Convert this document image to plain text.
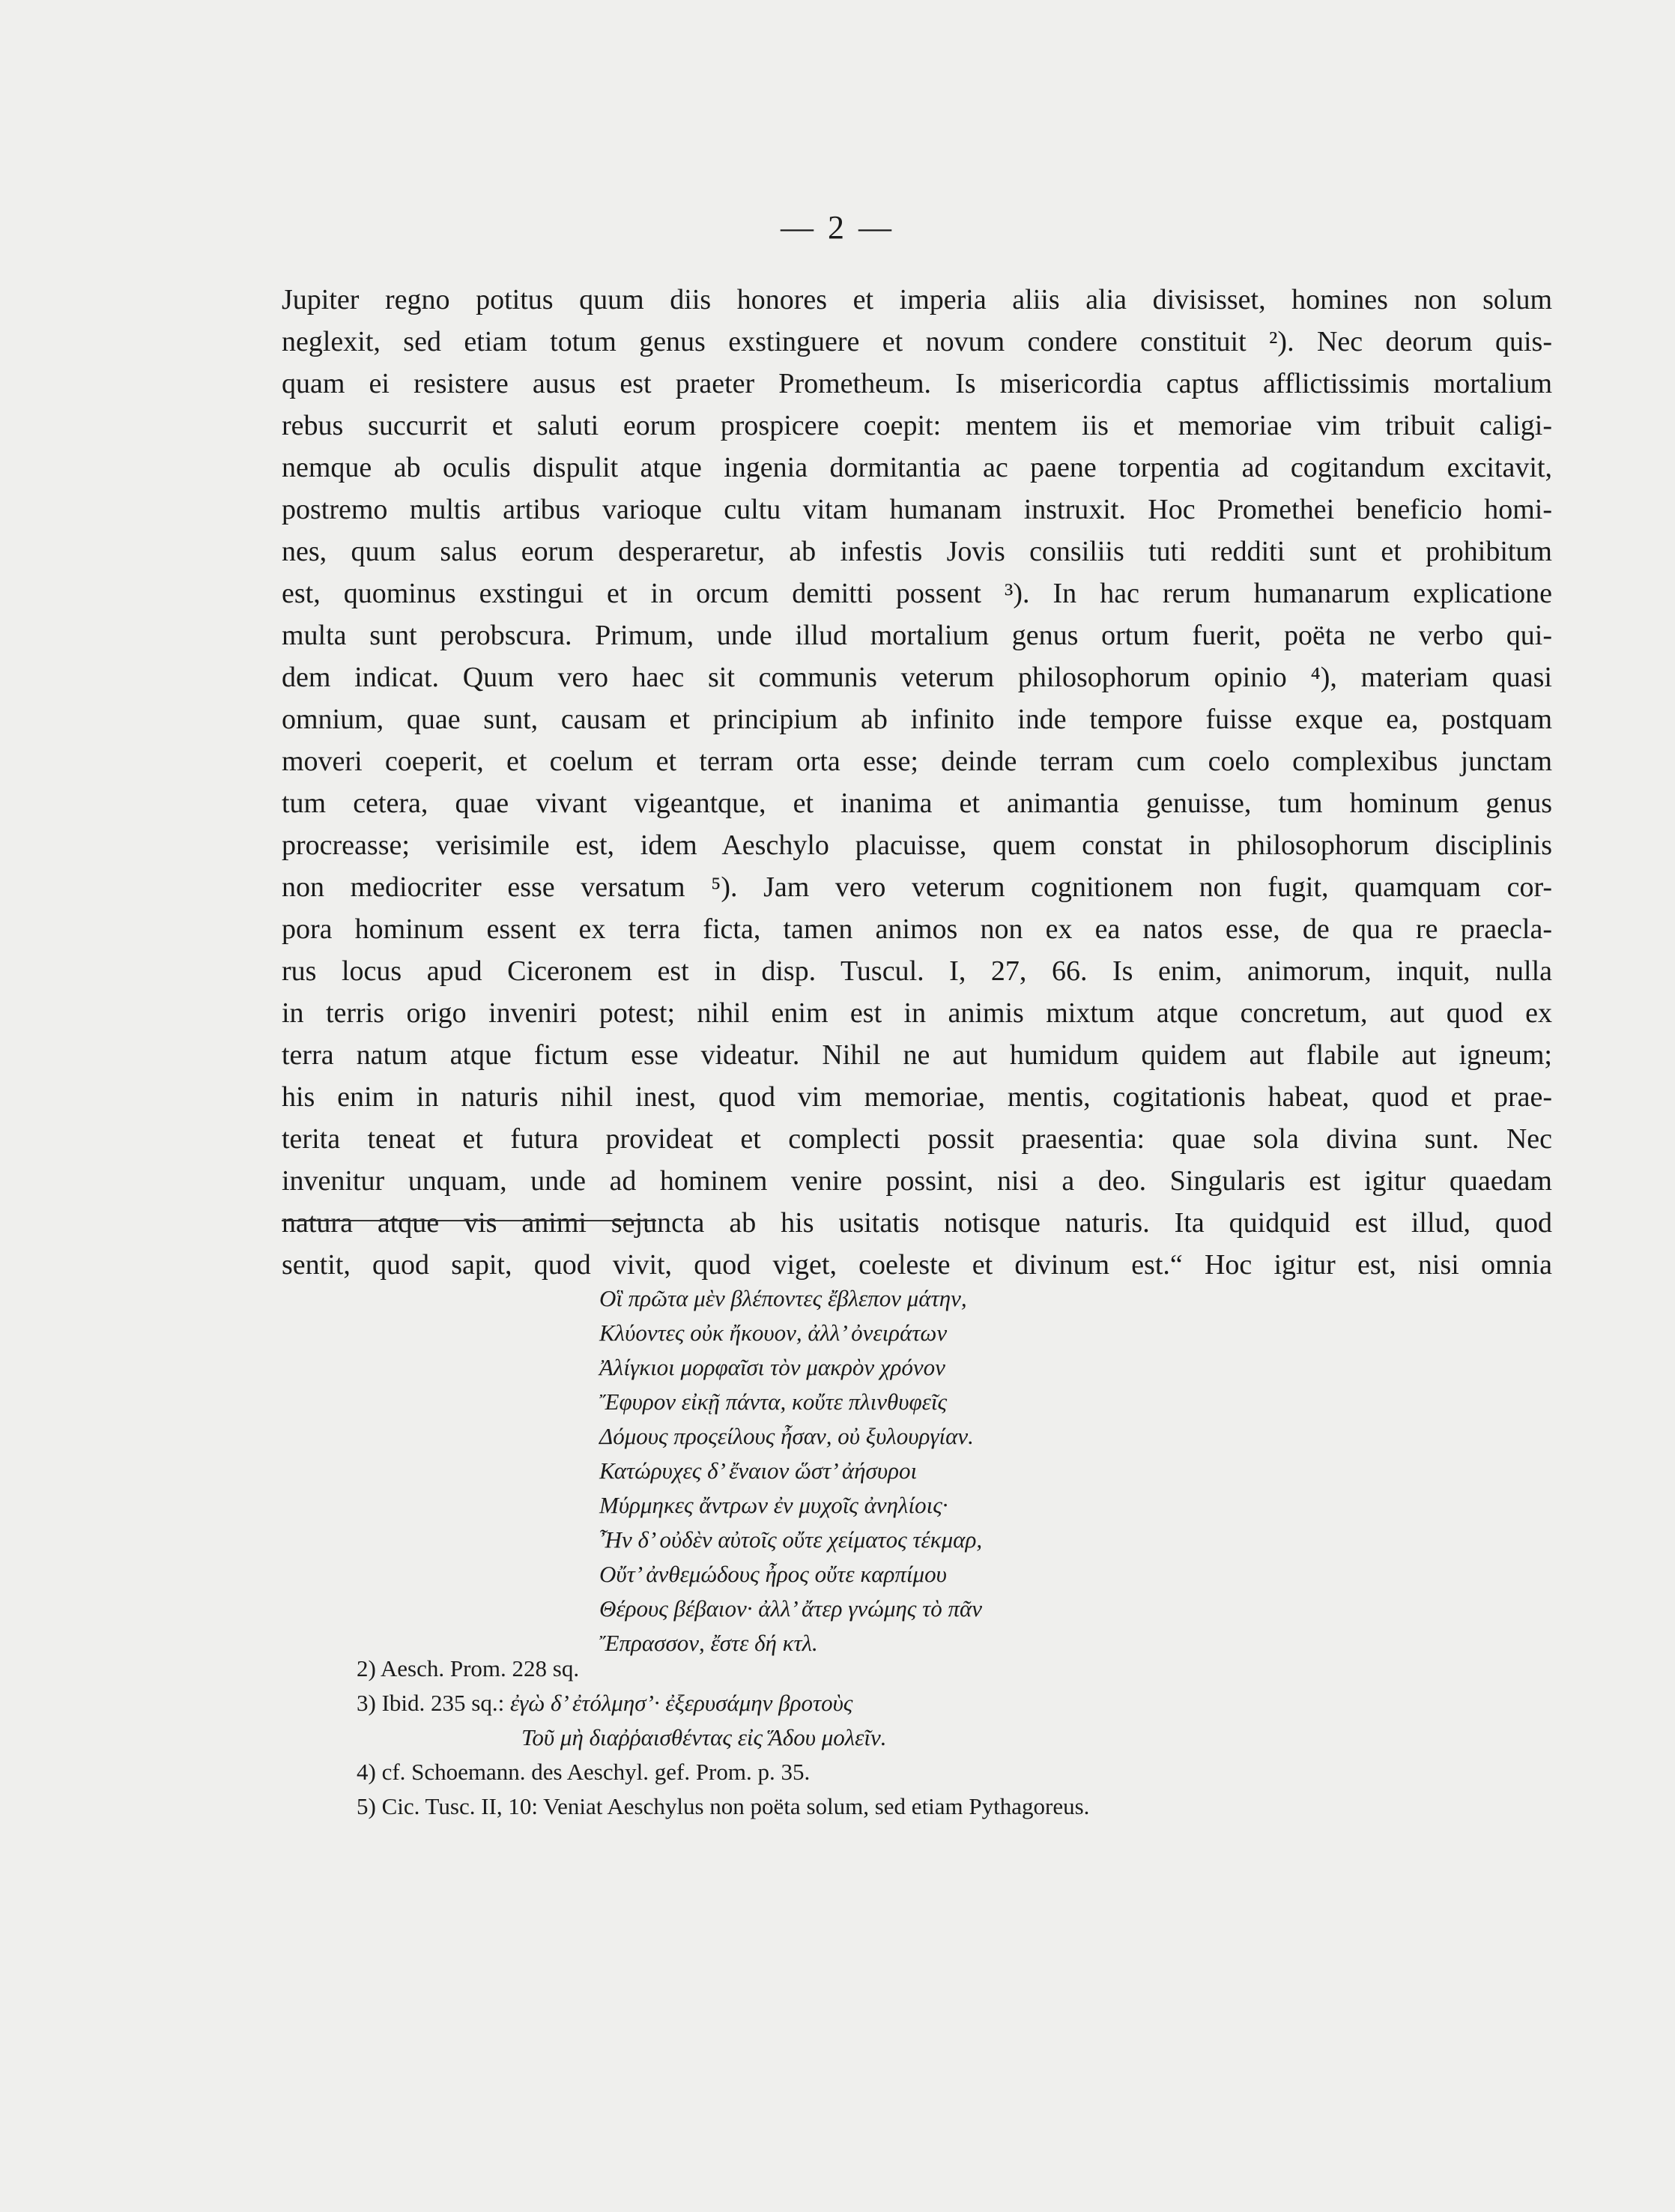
— 2 —
Jupiter regno potitus quum diis honores et imperia aliis alia divisisset, homines non solum
neglexit, sed etiam totum genus exstinguere et novum condere constituit ²). Nec deorum quis-
quam ei resistere ausus est praeter Prometheum. Is misericordia captus afflictissimis mortalium
rebus succurrit et saluti eorum prospicere coepit: mentem iis et memoriae vim tribuit caligi-
nemque ab oculis dispulit atque ingenia dormitantia ac paene torpentia ad cogitandum excitavit,
postremo multis artibus varioque cultu vitam humanam instruxit. Hoc Promethei beneficio homi-
nes, quum salus eorum desperaretur, ab infestis Jovis consiliis tuti redditi sunt et prohibitum
est, quominus exstingui et in orcum demitti possent ³). In hac rerum humanarum explicatione
multa sunt perobscura. Primum, unde illud mortalium genus ortum fuerit, poëta ne verbo qui-
dem indicat. Quum vero haec sit communis veterum philosophorum opinio ⁴), materiam quasi
omnium, quae sunt, causam et principium ab infinito inde tempore fuisse exque ea, postquam
moveri coeperit, et coelum et terram orta esse; deinde terram cum coelo complexibus junctam
tum cetera, quae vivant vigeantque, et inanima et animantia genuisse, tum hominum genus
procreasse; verisimile est, idem Aeschylo placuisse, quem constat in philosophorum disciplinis
non mediocriter esse versatum ⁵). Jam vero veterum cognitionem non fugit, quamquam cor-
pora hominum essent ex terra ficta, tamen animos non ex ea natos esse, de qua re praecla-
rus locus apud Ciceronem est in disp. Tuscul. I, 27, 66. Is enim, animorum, inquit, nulla
in terris origo inveniri potest; nihil enim est in animis mixtum atque concretum, aut quod ex
terra natum atque fictum esse videatur. Nihil ne aut humidum quidem aut flabile aut igneum;
his enim in naturis nihil inest, quod vim memoriae, mentis, cogitationis habeat, quod et prae-
terita teneat et futura provideat et complecti possit praesentia: quae sola divina sunt. Nec
invenitur unquam, unde ad hominem venire possint, nisi a deo. Singularis est igitur quaedam
natura atque vis animi sejuncta ab his usitatis notisque naturis. Ita quidquid est illud, quod
sentit, quod sapit, quod vivit, quod viget, coeleste et divinum est.“ Hoc igitur est, nisi omnia
Οἳ πρῶτα μὲν βλέποντες ἔβλεπον μάτην,
Κλύοντες οὐκ ἤκουον, ἀλλ’ ὀνειράτων
Ἀλίγκιοι μορφαῖσι τὸν μακρὸν χρόνον
Ἔφυρον εἰκῇ πάντα, κοὔτε πλινθυφεῖς
Δόμους προςείλους ἦσαν, οὐ ξυλουργίαν.
Κατώρυχες δ’ ἔναιον ὥστ’ ἀήσυροι
Μύρμηκες ἄντρων ἐν μυχοῖς ἀνηλίοις·
Ἦν δ’ οὐδὲν αὐτοῖς οὔτε χείματος τέκμαρ,
Οὔτ’ ἀνθεμώδους ἦρος οὔτε καρπίμου
Θέρους βέβαιον· ἀλλ’ ἄτερ γνώμης τὸ πᾶν
Ἔπρασσον, ἔστε δή κτλ.
2) Aesch. Prom. 228 sq.
3) Ibid. 235 sq.: ἐγὼ δ’ ἐτόλμησ’· ἐξερυσάμην βροτοὺς
Τοῦ μὴ διαῤῥαισθέντας εἰς Ἅδου μολεῖν.
4) cf. Schoemann. des Aeschyl. gef. Prom. p. 35.
5) Cic. Tusc. II, 10: Veniat Aeschylus non poëta solum, sed etiam Pythagoreus.
